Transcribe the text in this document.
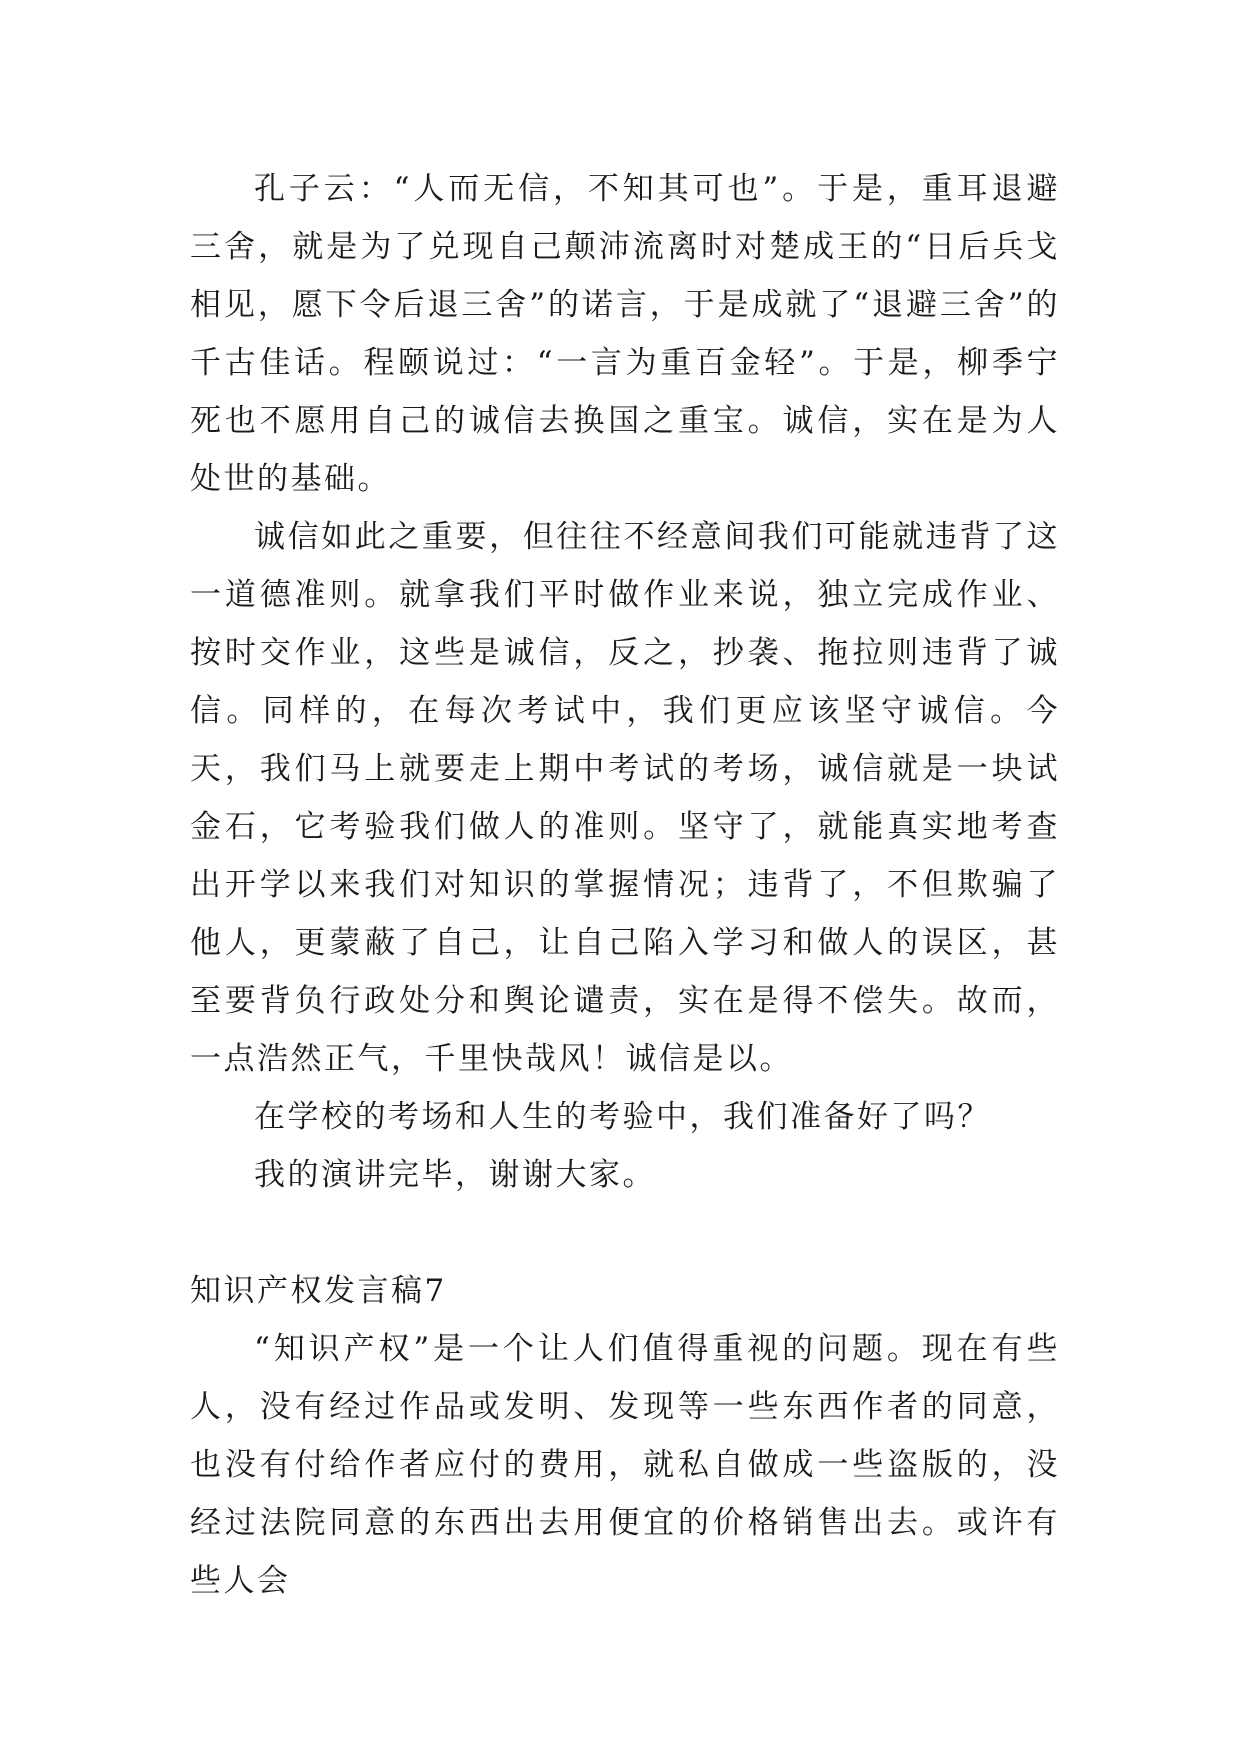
孔子云：“人而无信，不知其可也”。于是，重耳退避三舍，就是为了兑现自己颠沛流离时对楚成王的“日后兵戈相见，愿下令后退三舍”的诺言，于是成就了“退避三舍”的千古佳话。程颐说过：“一言为重百金轻”。于是，柳季宁死也不愿用自己的诚信去换国之重宝。诚信，实在是为人处世的基础。

诚信如此之重要，但往往不经意间我们可能就违背了这一道德准则。就拿我们平时做作业来说，独立完成作业、按时交作业，这些是诚信，反之，抄袭、拖拉则违背了诚信。同样的，在每次考试中，我们更应该坚守诚信。今天，我们马上就要走上期中考试的考场，诚信就是一块试金石，它考验我们做人的准则。坚守了，就能真实地考查出开学以来我们对知识的掌握情况；违背了，不但欺骗了他人，更蒙蔽了自己，让自己陷入学习和做人的误区，甚至要背负行政处分和舆论谴责，实在是得不偿失。故而，一点浩然正气，千里快哉风！诚信是以。

在学校的考场和人生的考验中，我们准备好了吗？

我的演讲完毕，谢谢大家。

知识产权发言稿7

“知识产权”是一个让人们值得重视的问题。现在有些人，没有经过作品或发明、发现等一些东西作者的同意，也没有付给作者应付的费用，就私自做成一些盗版的，没经过法院同意的东西出去用便宜的价格销售出去。或许有些人会
